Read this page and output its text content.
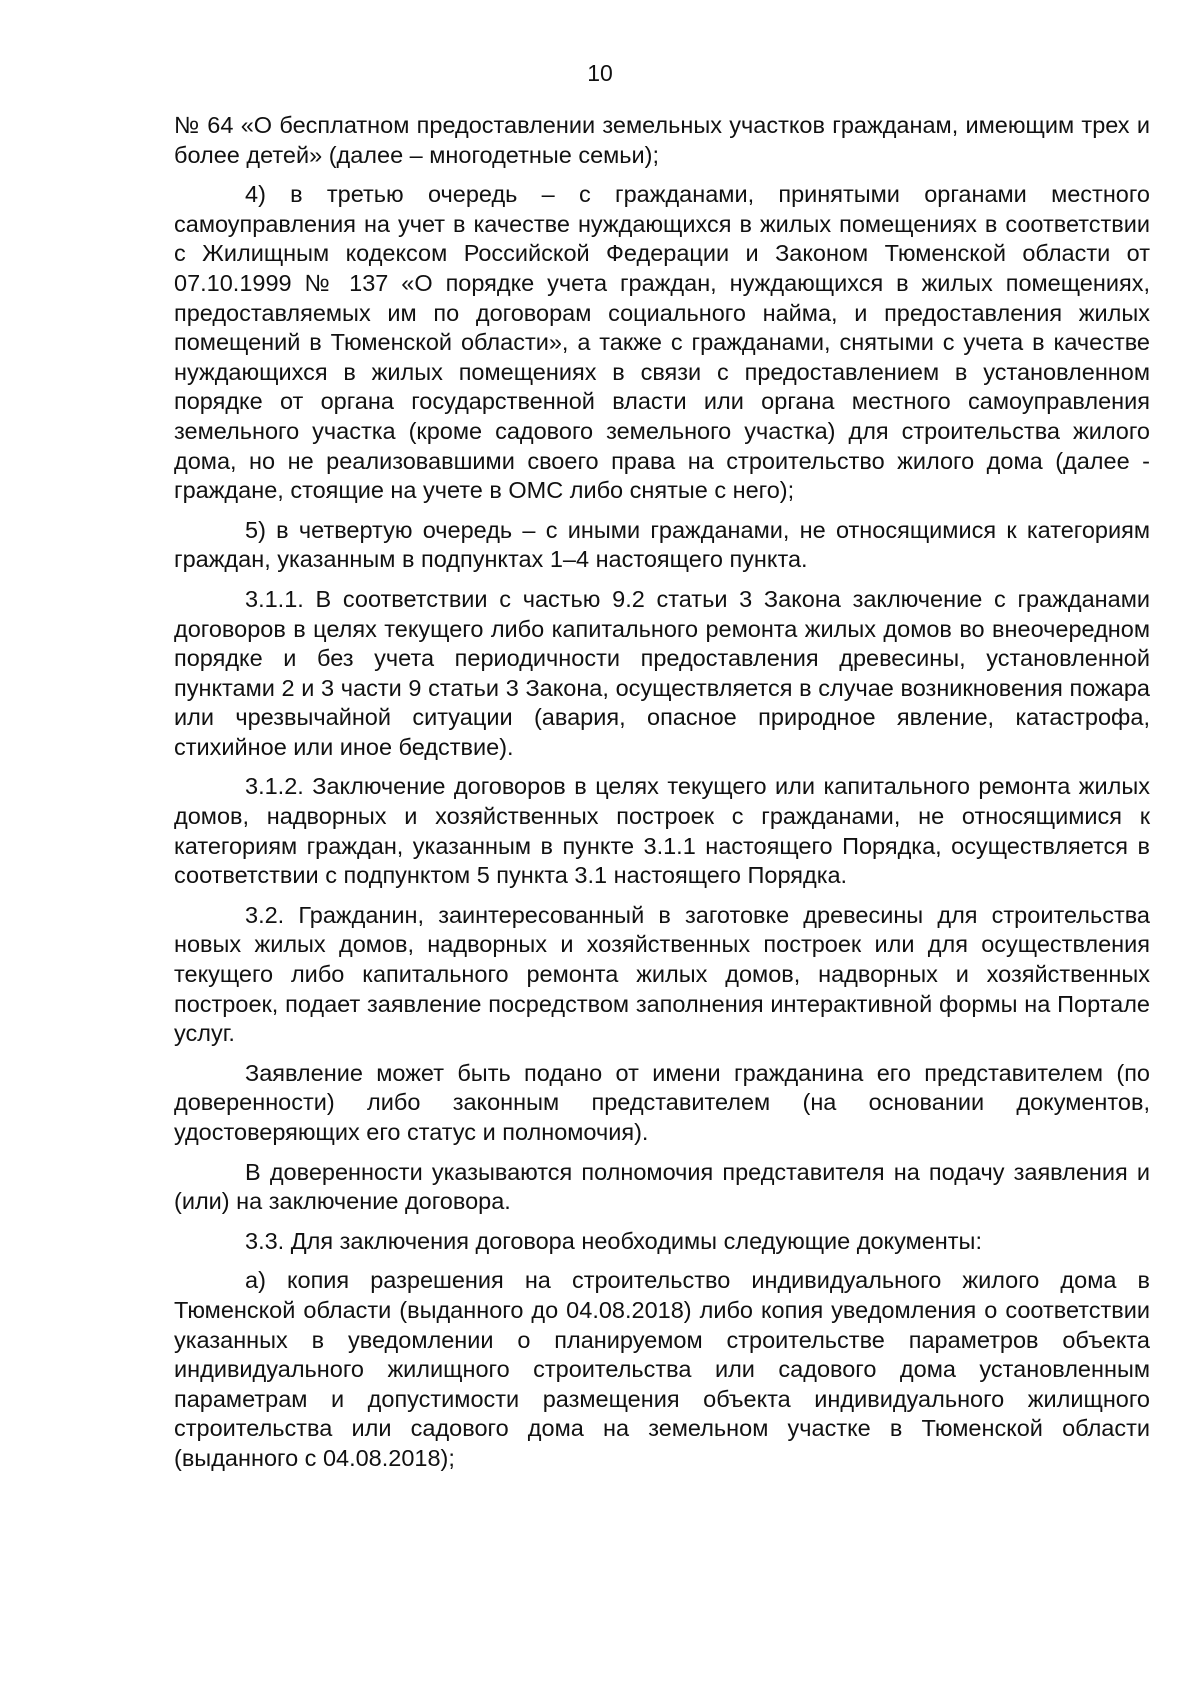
10

№ 64 «О бесплатном предоставлении земельных участков гражданам, имеющим трех и более детей» (далее – многодетные семьи);

4) в третью очередь – с гражданами, принятыми органами местного самоуправления на учет в качестве нуждающихся в жилых помещениях в соответствии с Жилищным кодексом Российской Федерации и Законом Тюменской области от 07.10.1999 № 137 «О порядке учета граждан, нуждающихся в жилых помещениях, предоставляемых им по договорам социального найма, и предоставления жилых помещений в Тюменской области», а также с гражданами, снятыми с учета в качестве нуждающихся в жилых помещениях в связи с предоставлением в установленном порядке от органа государственной власти или органа местного самоуправления земельного участка (кроме садового земельного участка) для строительства жилого дома, но не реализовавшими своего права на строительство жилого дома (далее - граждане, стоящие на учете в ОМС либо снятые с него);

5) в четвертую очередь – с иными гражданами, не относящимися к категориям граждан, указанным в подпунктах 1–4 настоящего пункта.

3.1.1. В соответствии с частью 9.2 статьи 3 Закона заключение с гражданами договоров в целях текущего либо капитального ремонта жилых домов во внеочередном порядке и без учета периодичности предоставления древесины, установленной пунктами 2 и 3 части 9 статьи 3 Закона, осуществляется в случае возникновения пожара или чрезвычайной ситуации (авария, опасное природное явление, катастрофа, стихийное или иное бедствие).

3.1.2. Заключение договоров в целях текущего или капитального ремонта жилых домов, надворных и хозяйственных построек с гражданами, не относящимися к категориям граждан, указанным в пункте 3.1.1 настоящего Порядка, осуществляется в соответствии с подпунктом 5 пункта 3.1 настоящего Порядка.

3.2. Гражданин, заинтересованный в заготовке древесины для строительства новых жилых домов, надворных и хозяйственных построек или для осуществления текущего либо капитального ремонта жилых домов, надворных и хозяйственных построек, подает заявление посредством заполнения интерактивной формы на Портале услуг.

Заявление может быть подано от имени гражданина его представителем (по доверенности) либо законным представителем (на основании документов, удостоверяющих его статус и полномочия).

В доверенности указываются полномочия представителя на подачу заявления и (или) на заключение договора.

3.3. Для заключения договора необходимы следующие документы:

а) копия разрешения на строительство индивидуального жилого дома в Тюменской области (выданного до 04.08.2018) либо копия уведомления о соответствии указанных в уведомлении о планируемом строительстве параметров объекта индивидуального жилищного строительства или садового дома установленным параметрам и допустимости размещения объекта индивидуального жилищного строительства или садового дома на земельном участке в Тюменской области (выданного с 04.08.2018);
